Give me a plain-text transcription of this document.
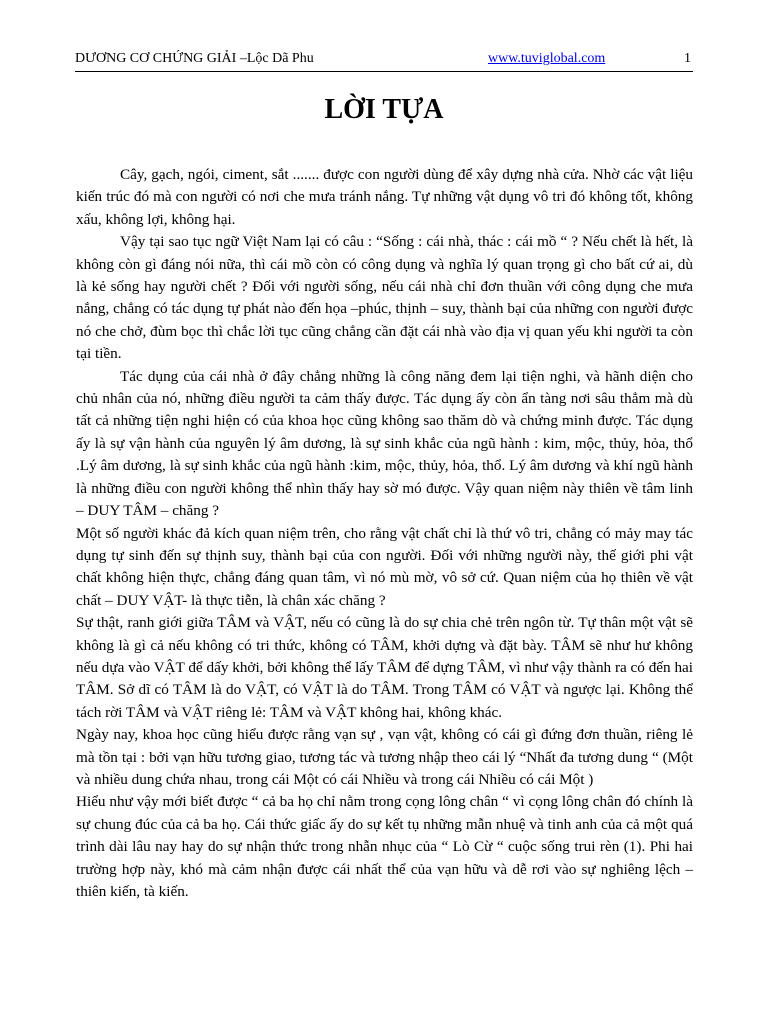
DƯƠNG CƠ CHỨNG GIẢI –Lộc Dã Phu	www.tuviglobal.com	1
LỜI TỰA

Cây, gạch, ngói, ciment, sắt ....... được con người dùng để xây dựng nhà cửa. Nhờ các vật liệu kiến trúc đó mà con người có nơi che mưa tránh nắng. Tự những vật dụng vô tri đó không tốt, không xấu, không lợi, không hại.

Vậy tại sao tục ngữ Việt Nam lại có câu : “Sống : cái nhà, thác : cái mồ “ ? Nếu chết là hết, là không còn gì đáng nói nữa, thì cái mồ còn có công dụng và nghĩa lý quan trọng gì cho bất cứ ai, dù là kẻ sống hay người chết ? Đối với người sống, nếu cái nhà chỉ đơn thuần với công dụng che mưa nắng, chẳng có tác dụng tự phát nào đến họa –phúc, thịnh – suy, thành bại của những con người được nó che chở, đùm bọc thì chắc lời tục cũng chẳng cần đặt cái nhà vào địa vị quan yếu khi người ta còn tại tiền.

Tác dụng của cái nhà ở đây chẳng những là công năng đem lại tiện nghi, và hãnh diện cho chủ nhân của nó, những điều người ta cảm thấy được. Tác dụng ấy còn ẩn tàng nơi sâu thẳm mà dù tất cả những tiện nghi hiện có của khoa học cũng không sao thăm dò và chứng minh được. Tác dụng ấy là sự vận hành của nguyên lý âm dương, là sự sinh khắc của ngũ hành : kim, mộc, thủy, hỏa, thổ .Lý âm dương, là sự sinh khắc của ngũ hành :kim, mộc, thủy, hỏa, thổ. Lý âm dương và khí ngũ hành là những điều con người không thể nhìn thấy hay sờ mó được. Vậy quan niệm này thiên về tâm linh – DUY TÂM – chăng ?

Một số người khác đả kích quan niệm trên, cho rằng vật chất chỉ là thứ vô tri, chẳng có mảy may tác dụng tự sinh đến sự thịnh suy, thành bại của con người. Đối với những người này, thế giới phi vật chất không hiện thực, chẳng đáng quan tâm, vì nó mù mờ, vô sở cứ. Quan niệm của họ thiên về vật chất – DUY VẬT- là thực tiễn, là chân xác chăng ?

Sự thật, ranh giới giữa TÂM và VẬT, nếu có cũng là do sự chia chẻ trên ngôn từ. Tự thân một vật sẽ không là gì cả nếu không có tri thức, không có TÂM, khởi dựng và đặt bày. TÂM sẽ như hư không nếu dựa vào VẬT để dấy khởi, bởi không thể lấy TÂM để dựng TÂM, vì như vậy thành ra có đến hai TÂM. Sở dĩ có TÂM là do VẬT, có VẬT là do TÂM. Trong TÂM có VẬT và ngược lại. Không thể tách rời TÂM và VẬT riêng lẻ: TÂM và VẬT không hai, không khác.

Ngày nay, khoa học cũng hiểu được rằng vạn sự , vạn vật, không có cái gì đứng đơn thuần, riêng lẻ mà tồn tại : bởi vạn hữu tương giao, tương tác và tương nhập theo cái lý “Nhất đa tương dung “ (Một và nhiều dung chứa nhau, trong cái Một có cái Nhiều và trong cái Nhiều có cái Một )

Hiểu như vậy mới biết được “ cả ba họ chỉ nằm trong cọng lông chân “ vì cọng lông chân đó chính là sự chung đúc của cả ba họ. Cái thức giấc ấy do sự kết tụ những mẫn nhuệ và tinh anh của cả một quá trình dài lâu nay hay do sự nhận thức trong nhẫn nhục của “ Lò Cừ “ cuộc sống trui rèn (1). Phi hai trường hợp này, khó mà cảm nhận được cái nhất thể của vạn hữu và dễ rơi vào sự nghiêng lệch –thiên kiến, tà kiến.
